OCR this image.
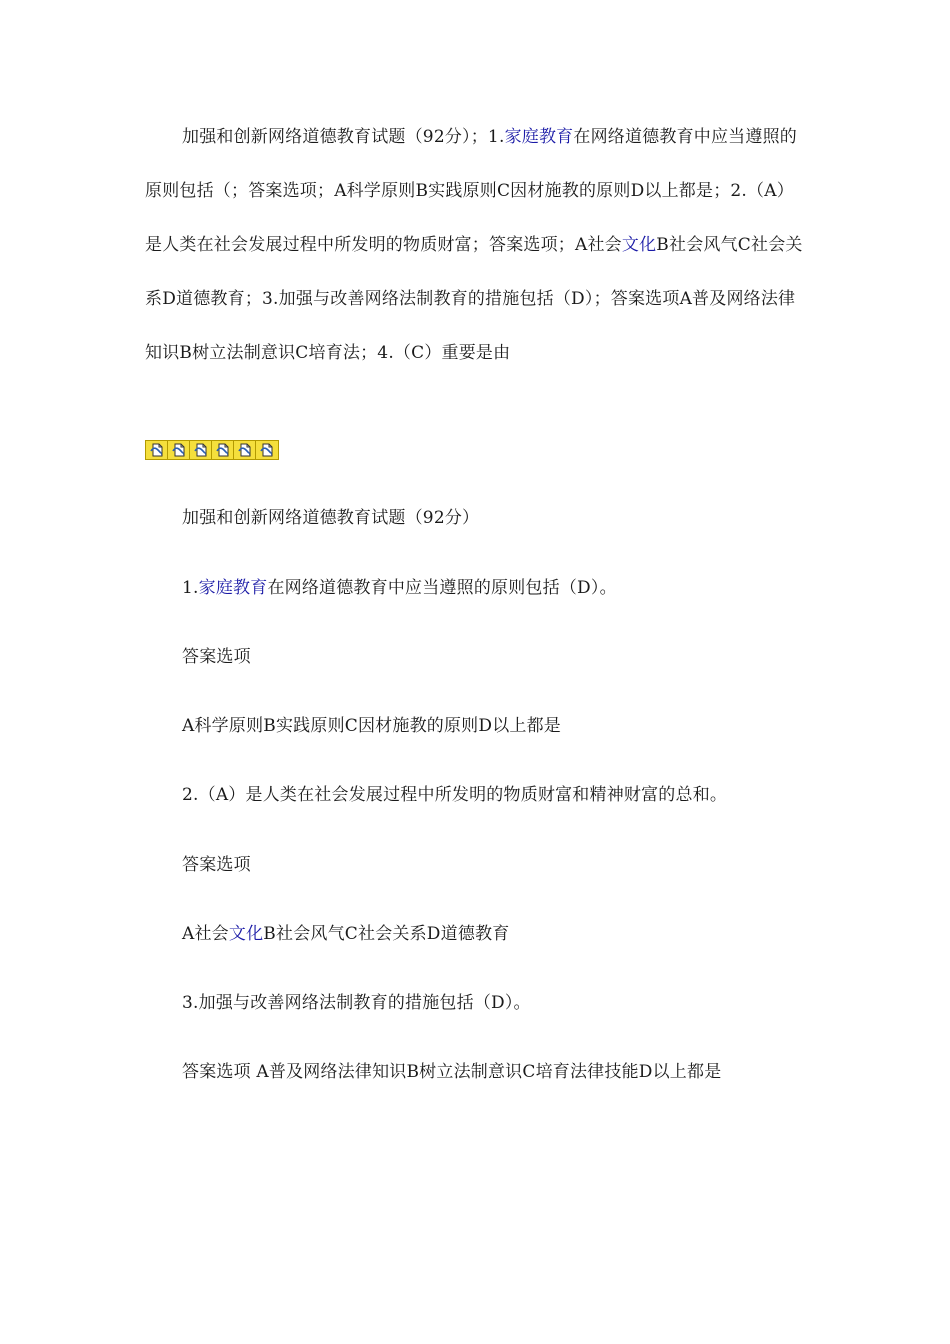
加强和创新网络道德教育试题（92分）；1.家庭教育在网络道德教育中应当遵照的原则包括（；答案选项；A科学原则B实践原则C因材施教的原则D以上都是；2.（A）是人类在社会发展过程中所发明的物质财富；答案选项；A社会文化B社会风气C社会关系D道德教育；3.加强与改善网络法制教育的措施包括（D）；答案选项A普及网络法律知识B树立法制意识C培育法；4.（C）重要是由
加强和创新网络道德教育试题（92分）
1.家庭教育在网络道德教育中应当遵照的原则包括（D）。
答案选项
A科学原则B实践原则C因材施教的原则D以上都是
2.（A）是人类在社会发展过程中所发明的物质财富和精神财富的总和。
答案选项
A社会文化B社会风气C社会关系D道德教育
3.加强与改善网络法制教育的措施包括（D）。
答案选项 A普及网络法律知识B树立法制意识C培育法律技能D以上都是
